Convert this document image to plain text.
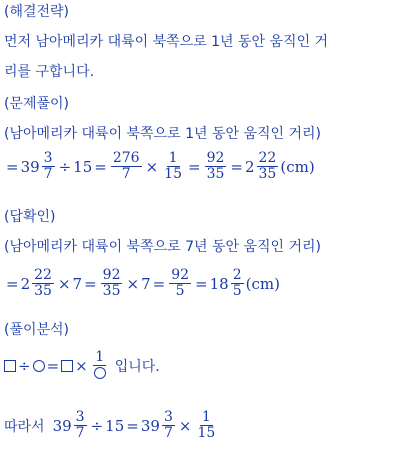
(해결전략)
먼저 남아메리카 대륙이 북쪽으로 1년 동안 움직인 거
리를 구합니다.
(문제풀이)
(남아메리카 대륙이 북쪽으로 1년 동안 움직인 거리)
= $39 \frac{3}{7} \div 15 = \frac{276}{7} \times \frac{1}{15} = \frac{92}{35} = 2 \frac{22}{35} (cm)$
(답확인)
(남아메리카 대륙이 북쪽으로 7년 동안 움직인 거리)
= $2 \frac{22}{35} \times 7 = \frac{92}{35} \times 7 = \frac{92}{5} = 18 \frac{2}{5} (cm)$
(풀이분석)
÷ = × 1
입니다.
따라서 $39 \frac{3}{7} \div 15 = 39 \frac{3}{7} \times \frac{1}{15}$
